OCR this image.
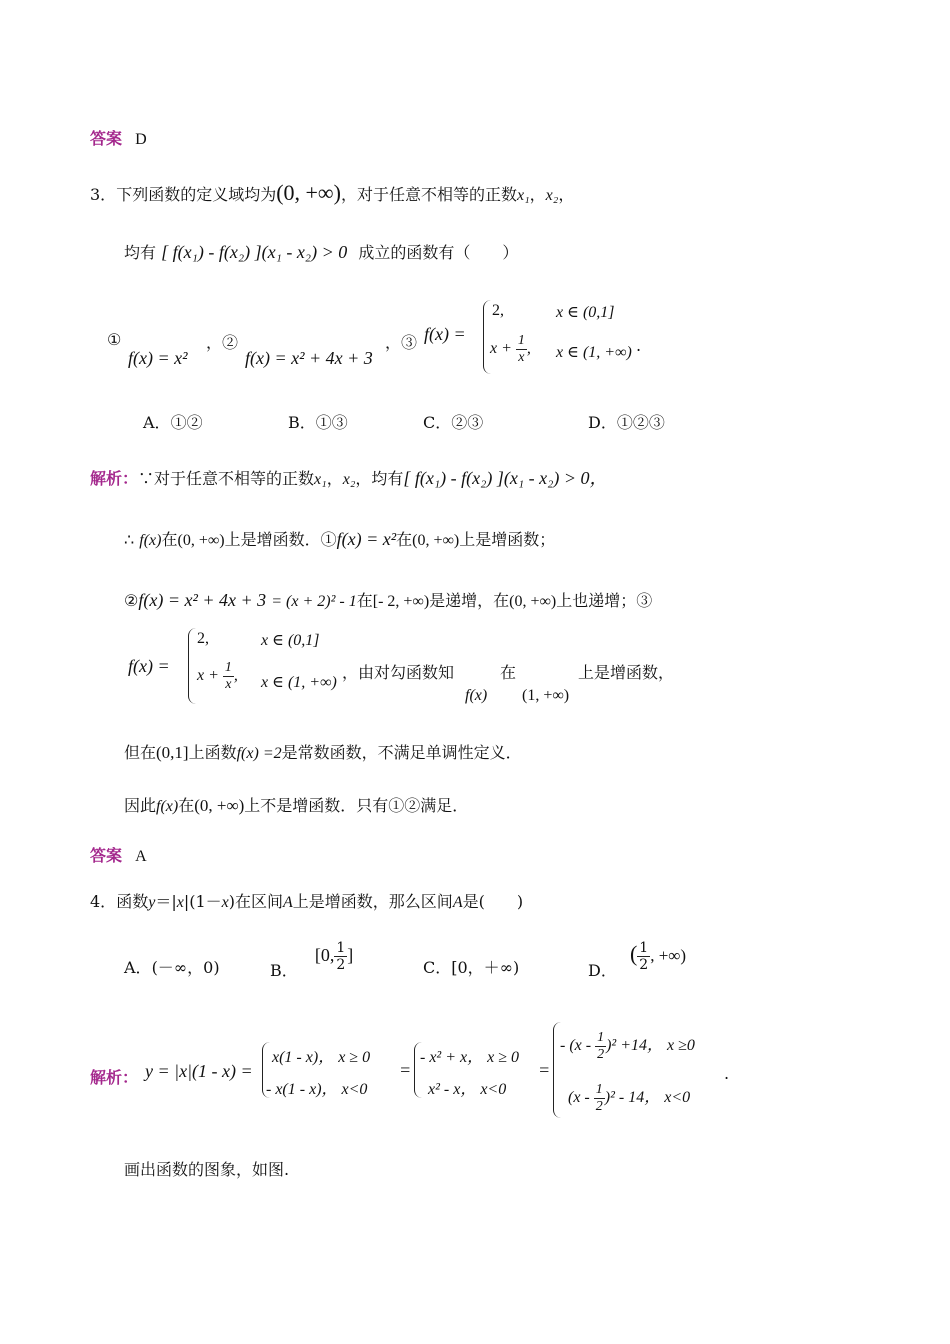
答案 D
3．下列函数的定义域均为(0, +∞)，对于任意不相等的正数x₁，x₂，
均有 [ f(x₁) - f(x₂) ](x₁ - x₂) > 0 成立的函数有（　　）
①
f(x) = x²
，②
f(x) = x² + 4x + 3
，③ f(x) =
2,	x ∈ (0,1]
$x + \frac{1}{x}$ , x ∈ (1, +∞) .
A．①②	B．①③	C．②③	D．①②③
解析：∵对于任意不相等的正数x₁，x₂，均有[ f(x₁) - f(x₂) ](x₁ - x₂) > 0，
∴ f(x)在(0, +∞)上是增函数．①f(x) = x²在(0, +∞)上是增函数；
②f(x) = x² + 4x + 3 = (x + 2)² - 1在[- 2, +∞)是递增，在(0, +∞)上也递增；③
f(x) =
2,	x ∈ (0,1]
$x + \frac{1}{x}$ , x ∈ (1, +∞)
，由对勾函数知	在	上是增函数，
f(x) (1, +∞)
但在(0,1]上函数f(x) =2是常数函数，不满足单调性定义．
因此f(x)在(0, +∞)上不是增函数．只有①②满足．
答案 A
4．函数y＝|x|(1－x)在区间A上是增函数，那么区间A是(　　)
A．(－∞，0)	B． [0, $\frac{1}{2}$ ]
C．[0，＋∞)	D． ( $\frac{1}{2}$ , +∞)
解析： y = |x|(1 - x) =
x(1 - x)， x ≥ 0
- x(1 - x)， x<0
=
- x² + x， x ≥ 0
x² - x， x<0
=
- $(x - \frac{1}{2} )^2 +14$， x ≥0
$(x - \frac{1}{2} )^2 - 14$， x<0
.
画出函数的图象，如图.
